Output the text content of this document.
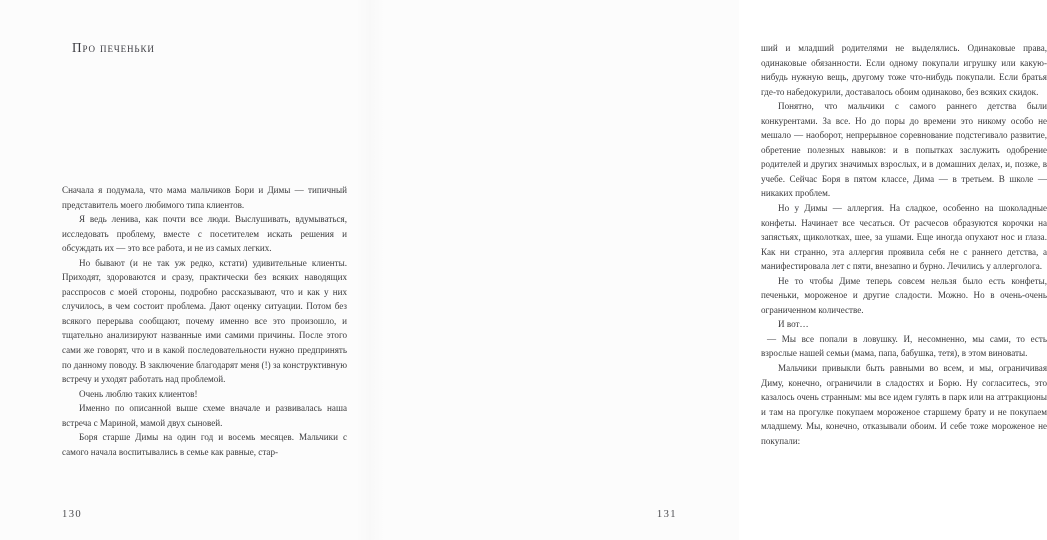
Про печеньки

Сначала я подумала, что мама мальчиков Бори и Димы — типичный представитель моего любимого типа клиентов.

Я ведь ленива, как почти все люди. Выслушивать, вдумываться, исследовать проблему, вместе с посетителем искать решения и обсуждать их — это все работа, и не из самых легких.

Но бывают (и не так уж редко, кстати) удивительные клиенты. Приходят, здороваются и сразу, практически без всяких наводящих расспросов с моей стороны, подробно рассказывают, что и как у них случилось, в чем состоит проблема. Дают оценку ситуации. Потом без всякого перерыва сообщают, почему именно все это произошло, и тщательно анализируют названные ими самими причины. После этого сами же говорят, что и в какой последовательности нужно предпринять по данному поводу. В заключение благодарят меня (!) за конструктивную встречу и уходят работать над проблемой.

Очень люблю таких клиентов!

Именно по описанной выше схеме вначале и развивалась наша встреча с Мариной, мамой двух сыновей.

Боря старше Димы на один год и восемь месяцев. Мальчики с самого начала воспитывались в семье как равные, стар-

130

ший и младший родителями не выделялись. Одинаковые права, одинаковые обязанности. Если одному покупали игрушку или какую-нибудь нужную вещь, другому тоже что-нибудь покупали. Если братья где-то набедокурили, доставалось обоим одинаково, без всяких скидок.

Понятно, что мальчики с самого раннего детства были конкурентами. За все. Но до поры до времени это никому особо не мешало — наоборот, непрерывное соревнование подстегивало развитие, обретение полезных навыков: и в попытках заслужить одобрение родителей и других значимых взрослых, и в домашних делах, и, позже, в учебе. Сейчас Боря в пятом классе, Дима — в третьем. В школе — никаких проблем.

Но у Димы — аллергия. На сладкое, особенно на шоколадные конфеты. Начинает все чесаться. От расчесов образуются корочки на запястьях, щиколотках, шее, за ушами. Еще иногда опухают нос и глаза. Как ни странно, эта аллергия проявила себя не с раннего детства, а манифестировала лет с пяти, внезапно и бурно. Лечились у аллерголога.

Не то чтобы Диме теперь совсем нельзя было есть конфеты, печеньки, мороженое и другие сладости. Можно. Но в очень-очень ограниченном количестве.

И вот…

— Мы все попали в ловушку. И, несомненно, мы сами, то есть взрослые нашей семьи (мама, папа, бабушка, тетя), в этом виноваты.

Мальчики привыкли быть равными во всем, и мы, ограничивая Диму, конечно, ограничили в сладостях и Борю. Ну согласитесь, это казалось очень странным: мы все идем гулять в парк или на аттракционы и там на прогулке покупаем мороженое старшему брату и не покупаем младшему. Мы, конечно, отказывали обоим. И себе тоже мороженое не покупали:

131
